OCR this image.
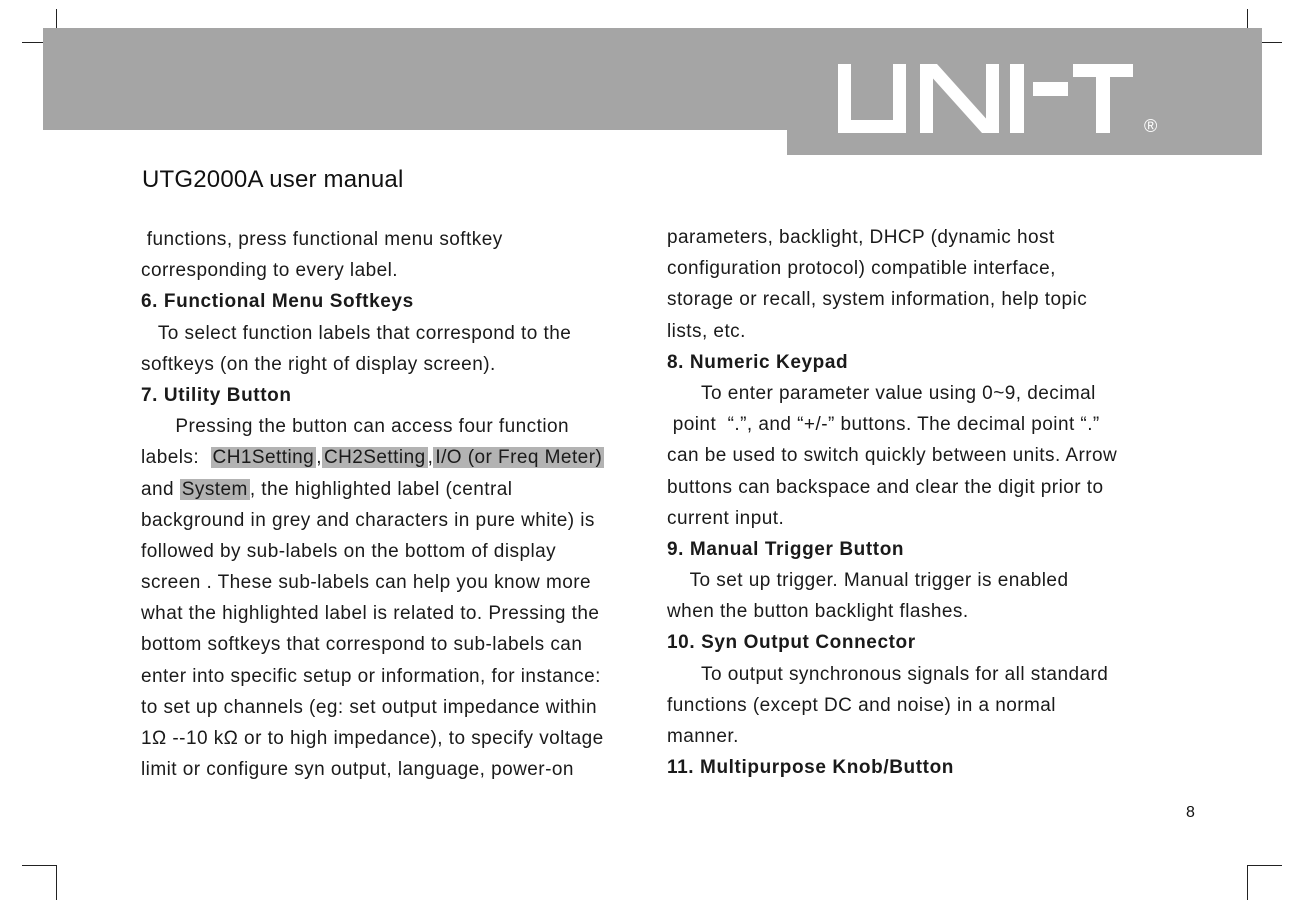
®
UTG2000A user manual
functions, press functional menu softkey
corresponding to every label.
6. Functional Menu Softkeys
To select function labels that correspond to the
softkeys (on the right of display screen).
7. Utility Button
Pressing the button can access four function
labels:  CH1Setting , CH2Setting , I/O (or Freq Meter)
and System , the highlighted label (central
background in grey and characters in pure white) is
followed by sub-labels on the bottom of display
screen . These sub-labels can help you know more
what the highlighted label is related to. Pressing the
bottom softkeys that correspond to sub-labels can
enter into specific setup or information, for instance:
to set up channels (eg: set output impedance within
1Ω --10 kΩ or to high impedance), to specify voltage
limit or configure syn output, language, power-on
parameters, backlight, DHCP (dynamic host
configuration protocol) compatible interface,
storage or recall, system information, help topic
lists, etc.
8. Numeric Keypad
To enter parameter value using 0~9, decimal
point  “.”, and “+/-” buttons. The decimal point “.”
can be used to switch quickly between units. Arrow
buttons can backspace and clear the digit prior to
current input.
9. Manual Trigger Button
To set up trigger. Manual trigger is enabled
when the button backlight flashes.
10. Syn Output Connector
To output synchronous signals for all standard
functions (except DC and noise) in a normal
manner.
11. Multipurpose Knob/Button
8
